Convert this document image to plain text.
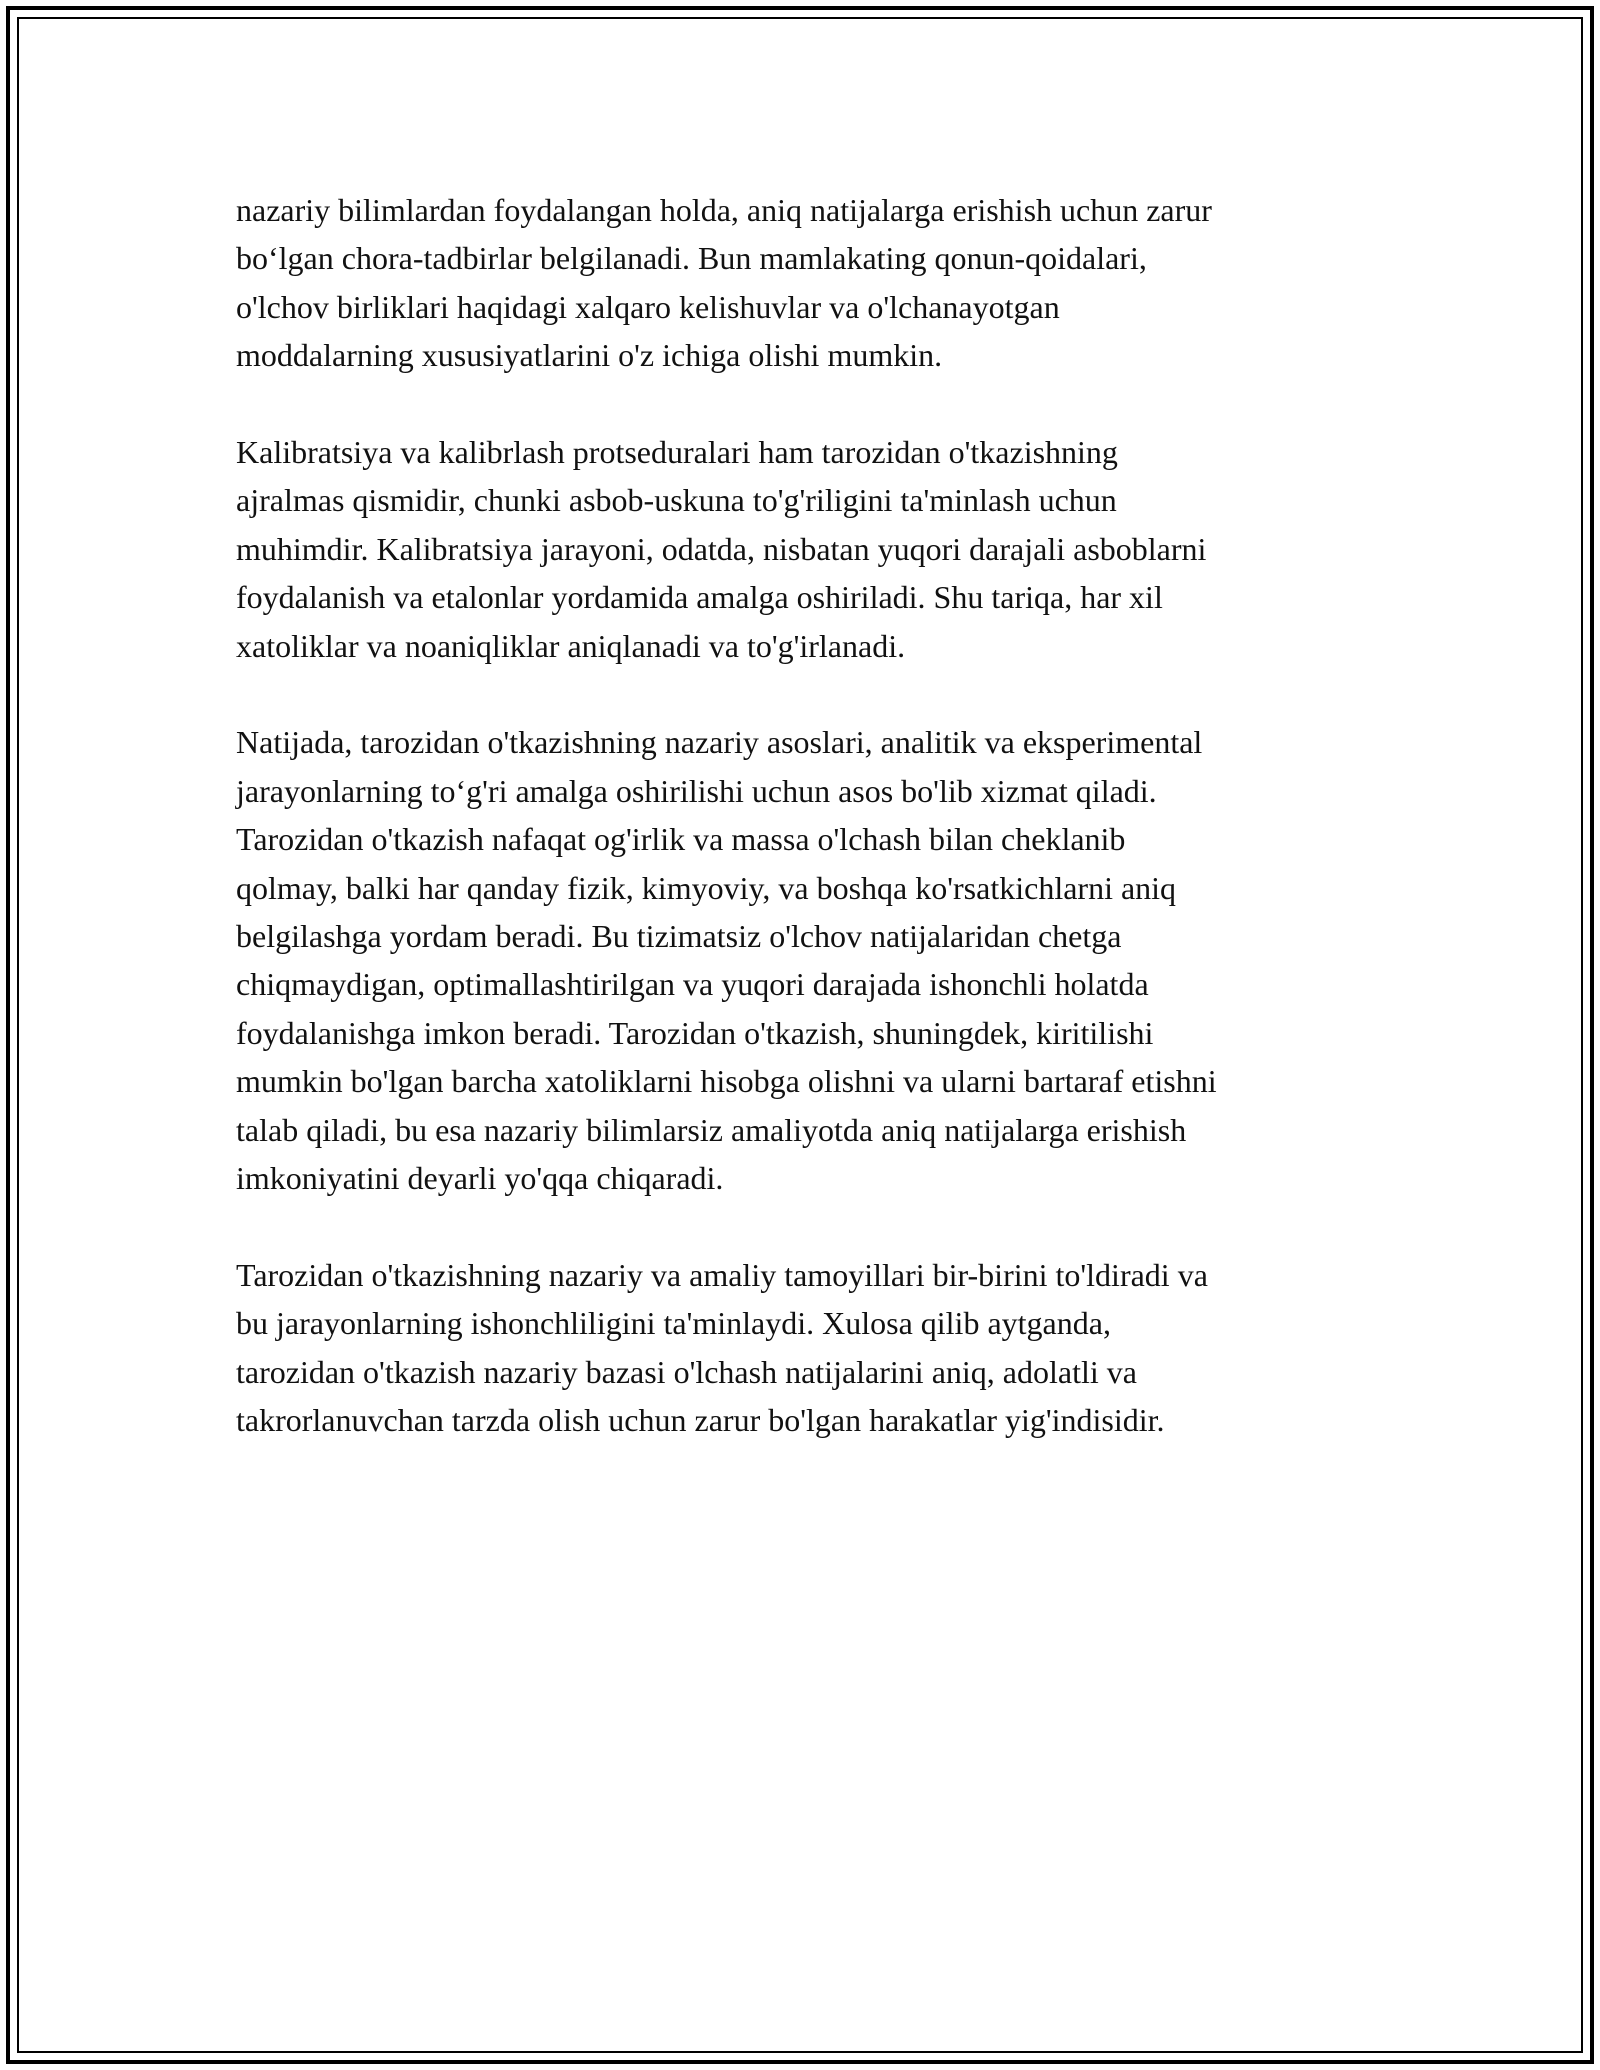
nazariy bilimlardan foydalangan holda, aniq natijalarga erishish uchun zarur
bo‘lgan chora-tadbirlar belgilanadi. Bun mamlakating qonun-qoidalari,
o'lchov birliklari haqidagi xalqaro kelishuvlar va o'lchanayotgan
moddalarning xususiyatlarini o'z ichiga olishi mumkin.

Kalibratsiya va kalibrlash protseduralari ham tarozidan o'tkazishning
ajralmas qismidir, chunki asbob-uskuna to'g'riligini ta'minlash uchun
muhimdir. Kalibratsiya jarayoni, odatda, nisbatan yuqori darajali asboblarni
foydalanish va etalonlar yordamida amalga oshiriladi. Shu tariqa, har xil
xatoliklar va noaniqliklar aniqlanadi va to'g'irlanadi.

Natijada, tarozidan o'tkazishning nazariy asoslari, analitik va eksperimental
jarayonlarning to‘g'ri amalga oshirilishi uchun asos bo'lib xizmat qiladi.
Tarozidan o'tkazish nafaqat og'irlik va massa o'lchash bilan cheklanib
qolmay, balki har qanday fizik, kimyoviy, va boshqa ko'rsatkichlarni aniq
belgilashga yordam beradi. Bu tizimatsiz o'lchov natijalaridan chetga
chiqmaydigan, optimallashtirilgan va yuqori darajada ishonchli holatda
foydalanishga imkon beradi. Tarozidan o'tkazish, shuningdek, kiritilishi
mumkin bo'lgan barcha xatoliklarni hisobga olishni va ularni bartaraf etishni
talab qiladi, bu esa nazariy bilimlarsiz amaliyotda aniq natijalarga erishish
imkoniyatini deyarli yo'qqa chiqaradi.

Tarozidan o'tkazishning nazariy va amaliy tamoyillari bir-birini to'ldiradi va
bu jarayonlarning ishonchliligini ta'minlaydi. Xulosa qilib aytganda,
tarozidan o'tkazish nazariy bazasi o'lchash natijalarini aniq, adolatli va
takrorlanuvchan tarzda olish uchun zarur bo'lgan harakatlar yig'indisidir.
